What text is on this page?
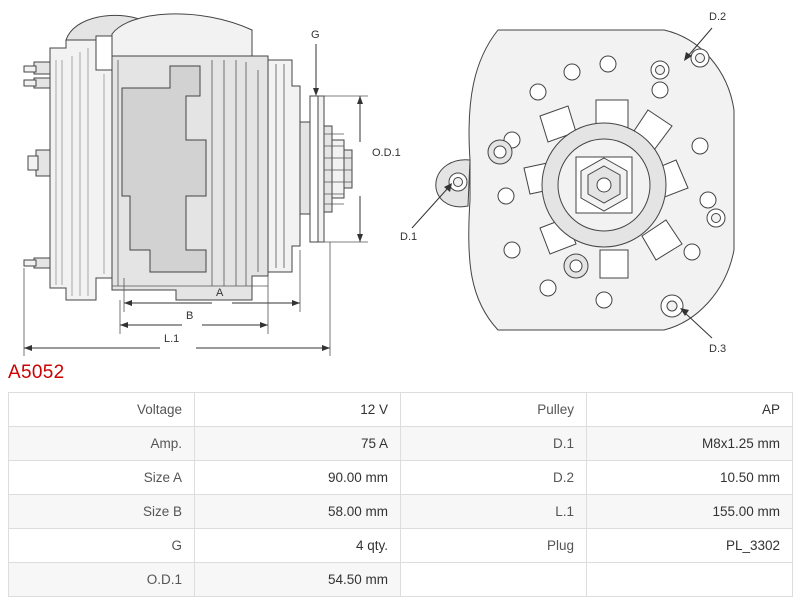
G
O.D.1
A
B
L.1
D.2
D.1
D.3
A5052
Voltage	12 V	Pulley	AP
Amp.	75 A	D.1	M8x1.25 mm
Size A	90.00 mm	D.2	10.50 mm
Size B	58.00 mm	L.1	155.00 mm
G	4 qty.	Plug	PL_3302
O.D.1	54.50 mm		
